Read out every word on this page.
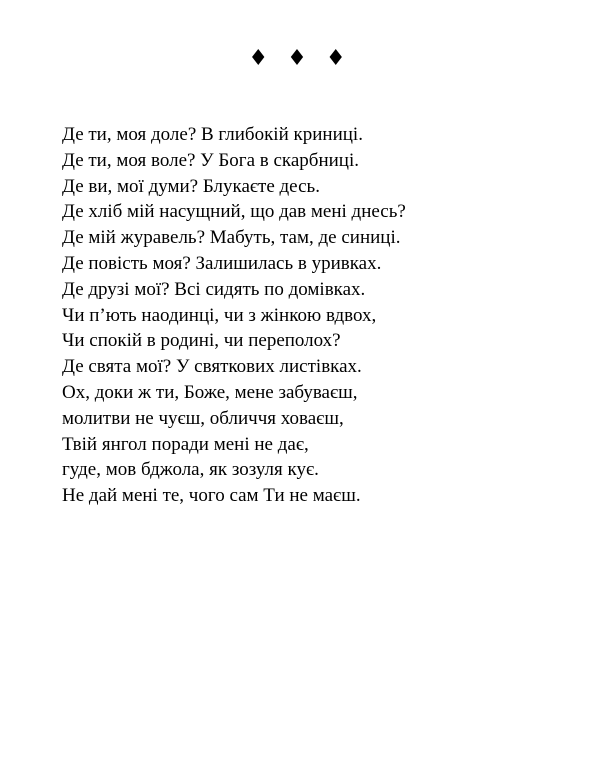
♦ ♦ ♦
Де ти, моя доле? В глибокій криниці.
Де ти, моя воле? У Бога в скарбниці.
Де ви, мої думи? Блукаєте десь.
Де хліб мій насущний, що дав мені днесь?
Де мій журавель? Мабуть, там, де синиці.
Де повість моя? Залишилась в уривках.
Де друзі мої? Всі сидять по домівках.
Чи п’ють наодинці, чи з жінкою вдвох,
Чи спокій в родині, чи переполох?
Де свята мої? У святкових листівках.
Ох, доки ж ти, Боже, мене забуваєш,
молитви не чуєш, обличчя ховаєш,
Твій янгол поради мені не дає,
гуде, мов бджола, як зозуля кує.
Не дай мені те, чого сам Ти не маєш.
